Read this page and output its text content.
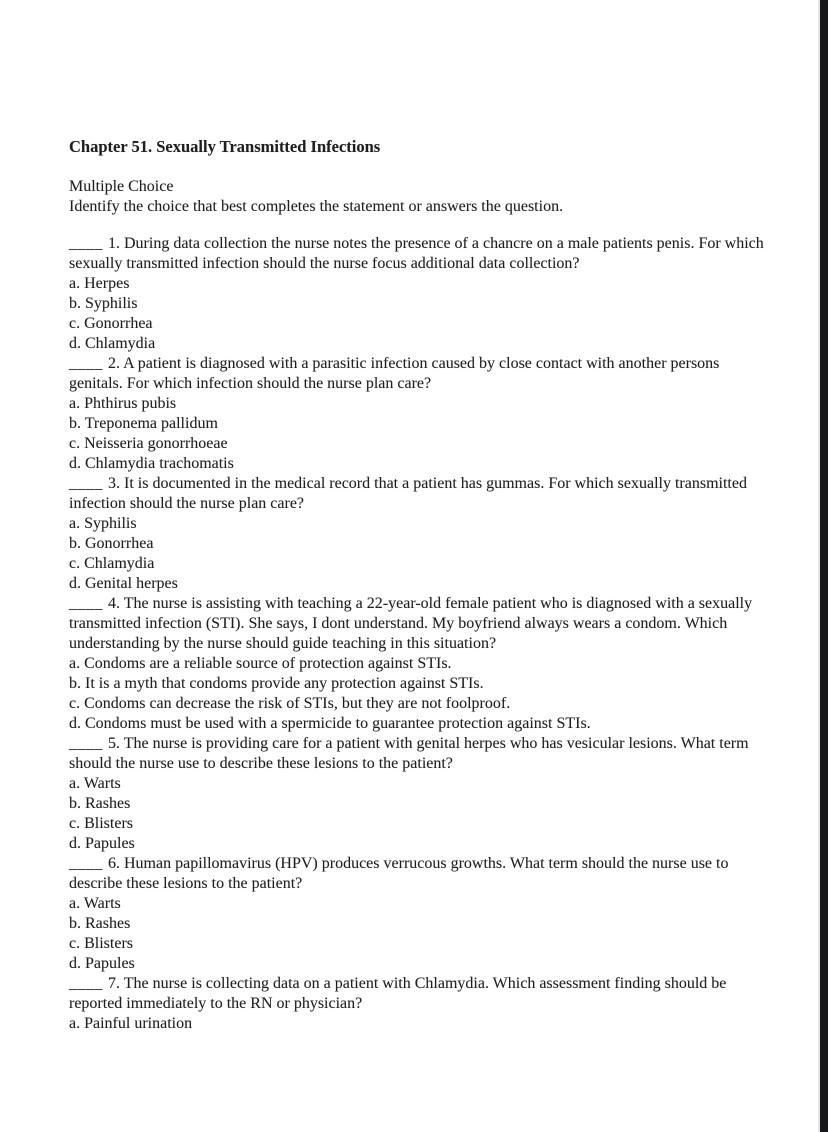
Chapter 51. Sexually Transmitted Infections

Multiple Choice

Identify the choice that best completes the statement or answers the question.

____ 1. During data collection the nurse notes the presence of a chancre on a male patients penis. For which sexually transmitted infection should the nurse focus additional data collection?

a. Herpes

b. Syphilis

c. Gonorrhea

d. Chlamydia

____ 2. A patient is diagnosed with a parasitic infection caused by close contact with another persons genitals. For which infection should the nurse plan care?

a. Phthirus pubis

b. Treponema pallidum

c. Neisseria gonorrhoeae

d. Chlamydia trachomatis

____ 3. It is documented in the medical record that a patient has gummas. For which sexually transmitted infection should the nurse plan care?

a. Syphilis

b. Gonorrhea

c. Chlamydia

d. Genital herpes

____ 4. The nurse is assisting with teaching a 22-year-old female patient who is diagnosed with a sexually transmitted infection (STI). She says, I dont understand. My boyfriend always wears a condom. Which understanding by the nurse should guide teaching in this situation?

a. Condoms are a reliable source of protection against STIs.

b. It is a myth that condoms provide any protection against STIs.

c. Condoms can decrease the risk of STIs, but they are not foolproof.

d. Condoms must be used with a spermicide to guarantee protection against STIs.

____ 5. The nurse is providing care for a patient with genital herpes who has vesicular lesions. What term should the nurse use to describe these lesions to the patient?

a. Warts

b. Rashes

c. Blisters

d. Papules

____ 6. Human papillomavirus (HPV) produces verrucous growths. What term should the nurse use to describe these lesions to the patient?

a. Warts

b. Rashes

c. Blisters

d. Papules

____ 7. The nurse is collecting data on a patient with Chlamydia. Which assessment finding should be reported immediately to the RN or physician?

a. Painful urination
